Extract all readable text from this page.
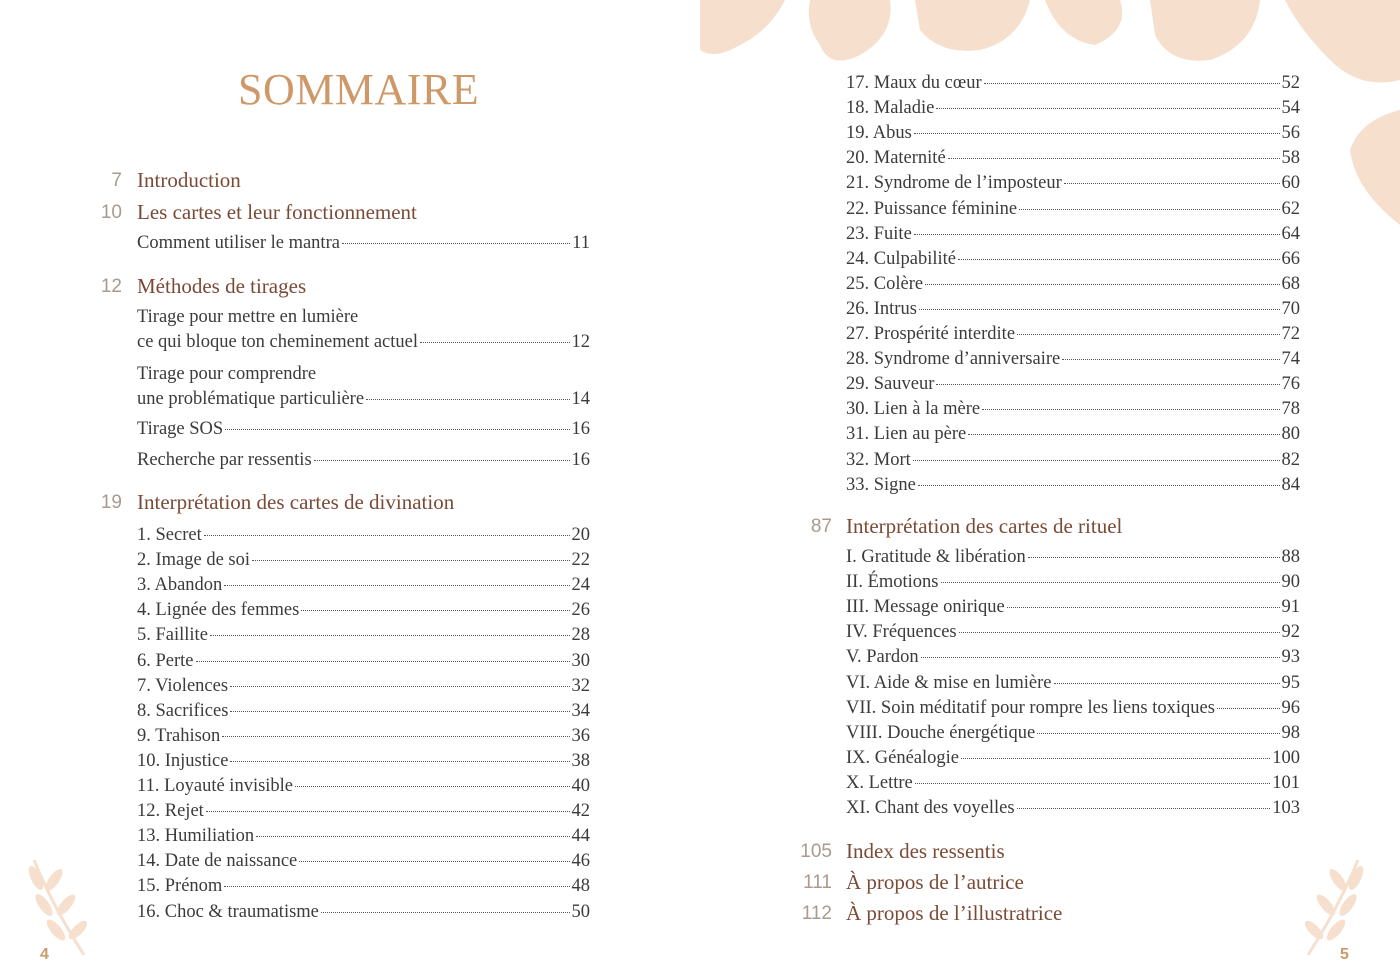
SOMMAIRE
7 Introduction
10 Les cartes et leur fonctionnement
Comment utiliser le mantra	11
12 Méthodes de tirages
Tirage pour mettre en lumière
ce qui bloque ton cheminement actuel	12
Tirage pour comprendre
une problématique particulière	14
Tirage SOS	16
Recherche par ressentis	16
19 Interprétation des cartes de divination
1. Secret	20
2. Image de soi	22
3. Abandon	24
4. Lignée des femmes	26
5. Faillite	28
6. Perte	30
7. Violences	32
8. Sacrifices	34
9. Trahison	36
10. Injustice	38
11. Loyauté invisible	40
12. Rejet	42
13. Humiliation	44
14. Date de naissance	46
15. Prénom	48
16. Choc & traumatisme	50
4
17. Maux du cœur	52
18. Maladie	54
19. Abus	56
20. Maternité	58
21. Syndrome de l’imposteur	60
22. Puissance féminine	62
23. Fuite	64
24. Culpabilité	66
25. Colère	68
26. Intrus	70
27. Prospérité interdite	72
28. Syndrome d’anniversaire	74
29. Sauveur	76
30. Lien à la mère	78
31. Lien au père	80
32. Mort	82
33. Signe	84
87 Interprétation des cartes de rituel
I. Gratitude & libération	88
II. Émotions	90
III. Message onirique	91
IV. Fréquences	92
V. Pardon	93
VI. Aide & mise en lumière	95
VII. Soin méditatif pour rompre les liens toxiques	96
VIII. Douche énergétique	98
IX. Généalogie	100
X. Lettre	101
XI. Chant des voyelles	103
105 Index des ressentis
111 À propos de l’autrice
112 À propos de l’illustratrice
5
